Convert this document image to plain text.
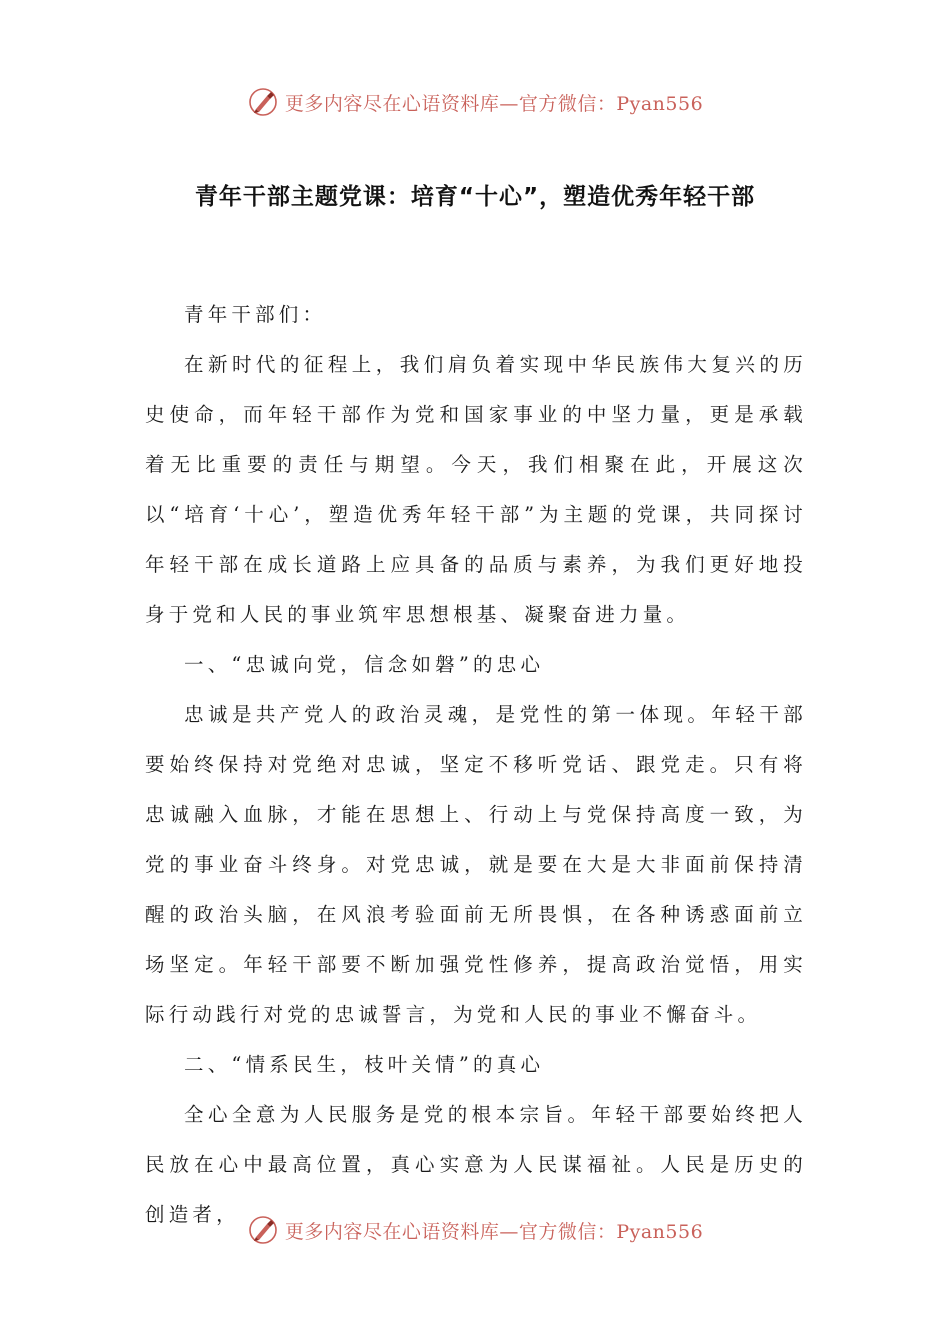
更多内容尽在心语资料库—官方微信：Pyan556
青年干部主题党课：培育“十心”，塑造优秀年轻干部

青年干部们：

在新时代的征程上，我们肩负着实现中华民族伟大复兴的历史使命，而年轻干部作为党和国家事业的中坚力量，更是承载着无比重要的责任与期望。今天，我们相聚在此，开展这次以“培育‘十心’，塑造优秀年轻干部”为主题的党课，共同探讨年轻干部在成长道路上应具备的品质与素养，为我们更好地投身于党和人民的事业筑牢思想根基、凝聚奋进力量。

一、“忠诚向党，信念如磐”的忠心

忠诚是共产党人的政治灵魂，是党性的第一体现。年轻干部要始终保持对党绝对忠诚，坚定不移听党话、跟党走。只有将忠诚融入血脉，才能在思想上、行动上与党保持高度一致，为党的事业奋斗终身。对党忠诚，就是要在大是大非面前保持清醒的政治头脑，在风浪考验面前无所畏惧，在各种诱惑面前立场坚定。年轻干部要不断加强党性修养，提高政治觉悟，用实际行动践行对党的忠诚誓言，为党和人民的事业不懈奋斗。

二、“情系民生，枝叶关情”的真心

全心全意为人民服务是党的根本宗旨。年轻干部要始终把人民放在心中最高位置，真心实意为人民谋福祉。人民是历史的创造者，

更多内容尽在心语资料库—官方微信：Pyan556
